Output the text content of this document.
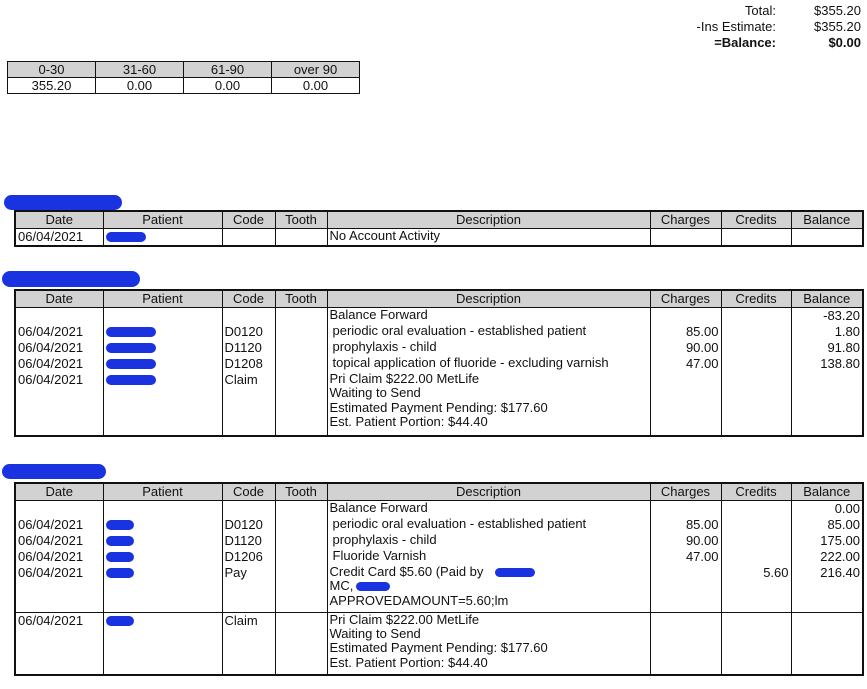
Total:	$355.20
-Ins Estimate:	$355.20
=Balance:	$0.00
0-30	31-60	61-90	over 90
355.20	0.00	0.00	0.00
Date	Patient	Code	Tooth	Description	Charges	Credits	Balance
06/04/2021				No Account Activity			

Date	Patient	Code	Tooth	Description	Charges	Credits	Balance

				Balance Forward			-83.20
06/04/2021		D0120		periodic oral evaluation - established patient	85.00		1.80
06/04/2021		D1120		prophylaxis - child	90.00		91.80
06/04/2021		D1208		topical application of fluoride - excluding varnish	47.00		138.80
06/04/2021		Claim		Pri Claim $222.00 MetLife
Waiting to Send
Estimated Payment Pending: $177.60
Est. Patient Portion: $44.40			

Date	Patient	Code	Tooth	Description	Charges	Credits	Balance

				Balance Forward			0.00
06/04/2021		D0120		periodic oral evaluation - established patient	85.00		85.00
06/04/2021		D1120		prophylaxis - child	90.00		175.00
06/04/2021		D1206		Fluoride Varnish	47.00		222.00
06/04/2021		Pay		Credit Card $5.60 (Paid by
MC,
APPROVEDAMOUNT=5.60;lm		5.60	216.40
06/04/2021		Claim		Pri Claim $222.00 MetLife
Waiting to Send
Estimated Payment Pending: $177.60
Est. Patient Portion: $44.40			
